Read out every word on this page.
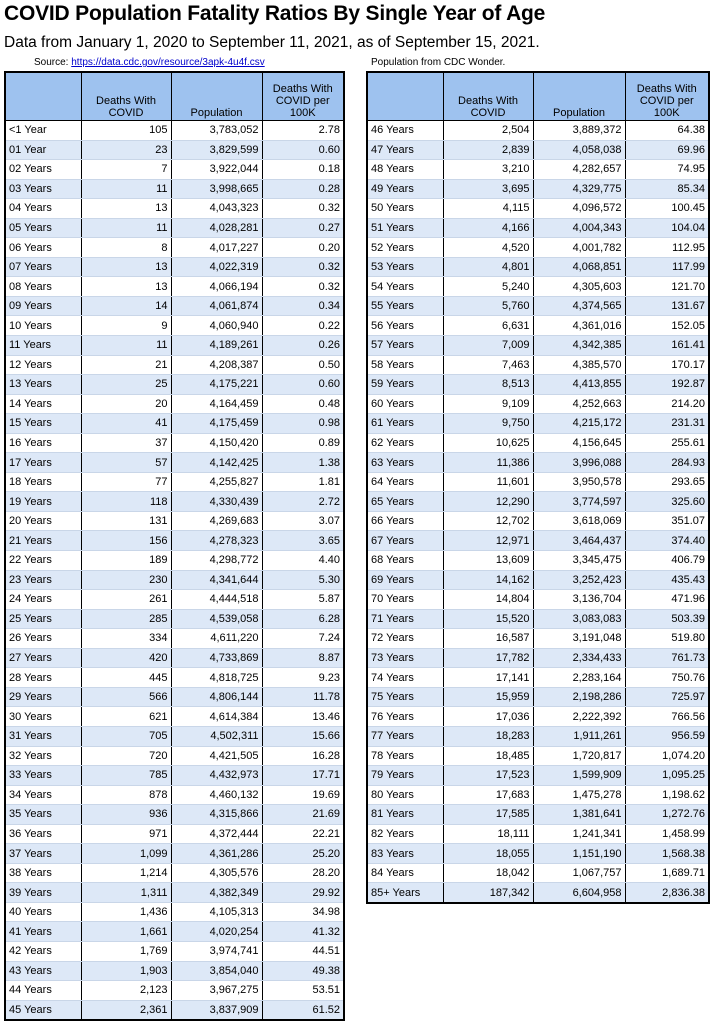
COVID Population Fatality Ratios By Single Year of Age
Data from January 1, 2020 to September 11, 2021, as of September 15, 2021.
Source: https://data.cdc.gov/resource/3apk-4u4f.csv	Population from CDC Wonder.
	Deaths With COVID	Population	Deaths With COVID per 100K
<1 Year	105	3,783,052	2.78
01 Year	23	3,829,599	0.60
02 Years	7	3,922,044	0.18
03 Years	11	3,998,665	0.28
04 Years	13	4,043,323	0.32
05 Years	11	4,028,281	0.27
06 Years	8	4,017,227	0.20
07 Years	13	4,022,319	0.32
08 Years	13	4,066,194	0.32
09 Years	14	4,061,874	0.34
10 Years	9	4,060,940	0.22
11 Years	11	4,189,261	0.26
12 Years	21	4,208,387	0.50
13 Years	25	4,175,221	0.60
14 Years	20	4,164,459	0.48
15 Years	41	4,175,459	0.98
16 Years	37	4,150,420	0.89
17 Years	57	4,142,425	1.38
18 Years	77	4,255,827	1.81
19 Years	118	4,330,439	2.72
20 Years	131	4,269,683	3.07
21 Years	156	4,278,323	3.65
22 Years	189	4,298,772	4.40
23 Years	230	4,341,644	5.30
24 Years	261	4,444,518	5.87
25 Years	285	4,539,058	6.28
26 Years	334	4,611,220	7.24
27 Years	420	4,733,869	8.87
28 Years	445	4,818,725	9.23
29 Years	566	4,806,144	11.78
30 Years	621	4,614,384	13.46
31 Years	705	4,502,311	15.66
32 Years	720	4,421,505	16.28
33 Years	785	4,432,973	17.71
34 Years	878	4,460,132	19.69
35 Years	936	4,315,866	21.69
36 Years	971	4,372,444	22.21
37 Years	1,099	4,361,286	25.20
38 Years	1,214	4,305,576	28.20
39 Years	1,311	4,382,349	29.92
40 Years	1,436	4,105,313	34.98
41 Years	1,661	4,020,254	41.32
42 Years	1,769	3,974,741	44.51
43 Years	1,903	3,854,040	49.38
44 Years	2,123	3,967,275	53.51
45 Years	2,361	3,837,909	61.52
	Deaths With COVID	Population	Deaths With COVID per 100K
46 Years	2,504	3,889,372	64.38
47 Years	2,839	4,058,038	69.96
48 Years	3,210	4,282,657	74.95
49 Years	3,695	4,329,775	85.34
50 Years	4,115	4,096,572	100.45
51 Years	4,166	4,004,343	104.04
52 Years	4,520	4,001,782	112.95
53 Years	4,801	4,068,851	117.99
54 Years	5,240	4,305,603	121.70
55 Years	5,760	4,374,565	131.67
56 Years	6,631	4,361,016	152.05
57 Years	7,009	4,342,385	161.41
58 Years	7,463	4,385,570	170.17
59 Years	8,513	4,413,855	192.87
60 Years	9,109	4,252,663	214.20
61 Years	9,750	4,215,172	231.31
62 Years	10,625	4,156,645	255.61
63 Years	11,386	3,996,088	284.93
64 Years	11,601	3,950,578	293.65
65 Years	12,290	3,774,597	325.60
66 Years	12,702	3,618,069	351.07
67 Years	12,971	3,464,437	374.40
68 Years	13,609	3,345,475	406.79
69 Years	14,162	3,252,423	435.43
70 Years	14,804	3,136,704	471.96
71 Years	15,520	3,083,083	503.39
72 Years	16,587	3,191,048	519.80
73 Years	17,782	2,334,433	761.73
74 Years	17,141	2,283,164	750.76
75 Years	15,959	2,198,286	725.97
76 Years	17,036	2,222,392	766.56
77 Years	18,283	1,911,261	956.59
78 Years	18,485	1,720,817	1,074.20
79 Years	17,523	1,599,909	1,095.25
80 Years	17,683	1,475,278	1,198.62
81 Years	17,585	1,381,641	1,272.76
82 Years	18,111	1,241,341	1,458.99
83 Years	18,055	1,151,190	1,568.38
84 Years	18,042	1,067,757	1,689.71
85+ Years	187,342	6,604,958	2,836.38
